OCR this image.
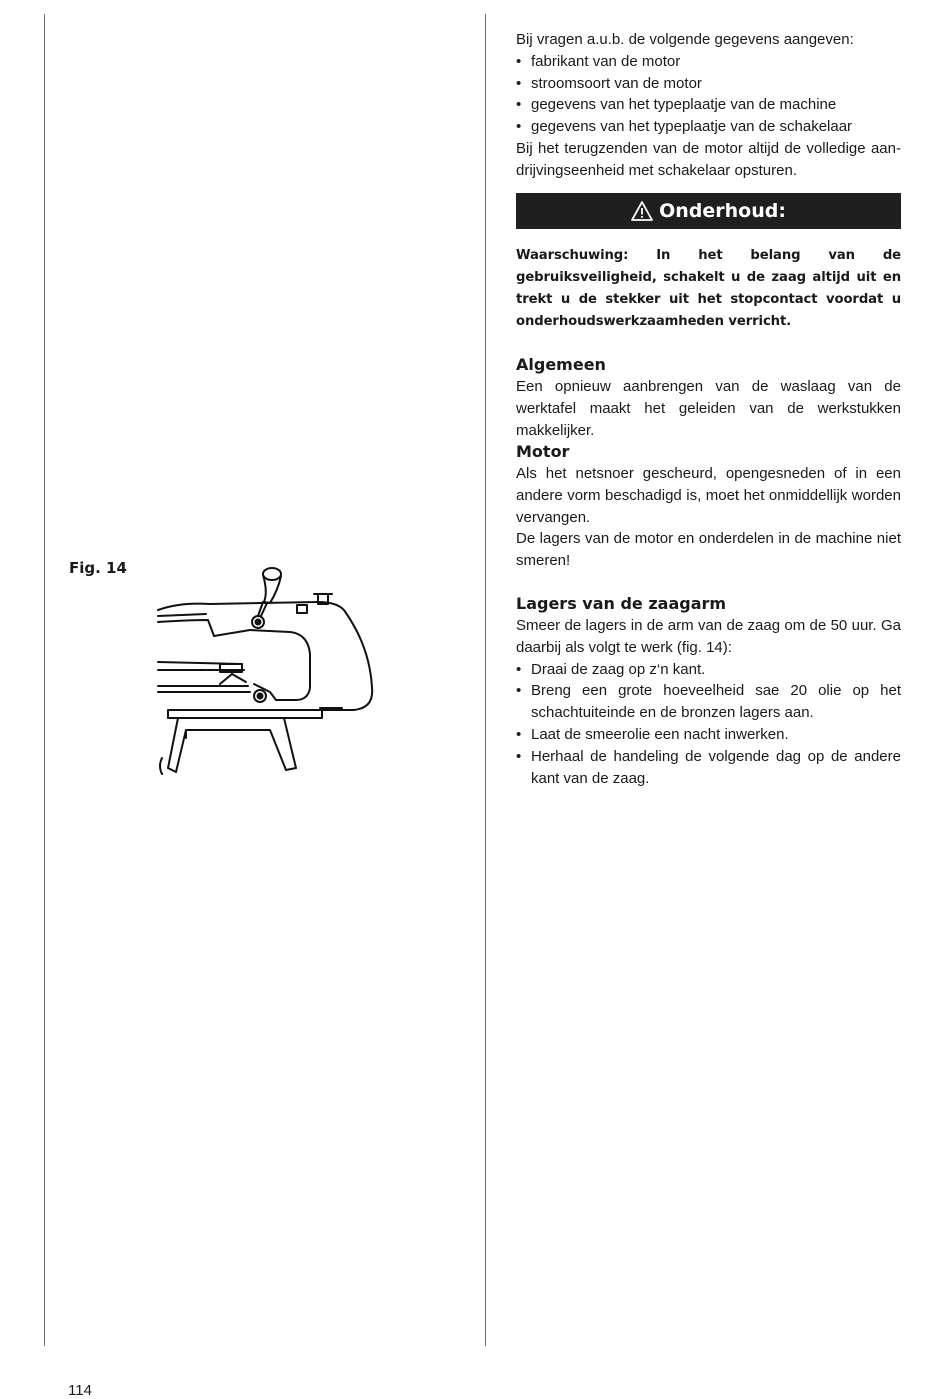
Bij vragen a.u.b. de volgende gegevens aangeven:

• fabrikant van de motor
• stroomsoort van de motor
• gegevens van het typeplaatje van de machine
• gegevens van het typeplaatje van de schakelaar

Bij het terugzenden van de motor altijd de volledige aan-drijvingseenheid met schakelaar opsturen.

Onderhoud:
Waarschuwing: In het belang van de gebruiksveiligheid, schakelt u de zaag altijd uit en trekt u de stekker uit het stopcontact voordat u onderhoudswerkzaamheden verricht.
Algemeen

Een opnieuw aanbrengen van de waslaag van de werktafel maakt het geleiden van de werkstukken makkelijker.

Motor

Als het netsnoer gescheurd, opengesneden of in een andere vorm beschadigd is, moet het onmiddellijk worden vervangen.

De lagers van de motor en onderdelen in de machine niet smeren!

Lagers van de zaagarm

Smeer de lagers in de arm van de zaag om de 50 uur. Ga daarbij als volgt te werk (fig. 14):

• Draai de zaag op z‘n kant.
• Breng een grote hoeveelheid sae 20 olie op het schachtuiteinde en de bronzen lagers aan.
• Laat de smeerolie een nacht inwerken.
• Herhaal de handeling de volgende dag op de andere kant van de zaag.
Fig. 14
114
